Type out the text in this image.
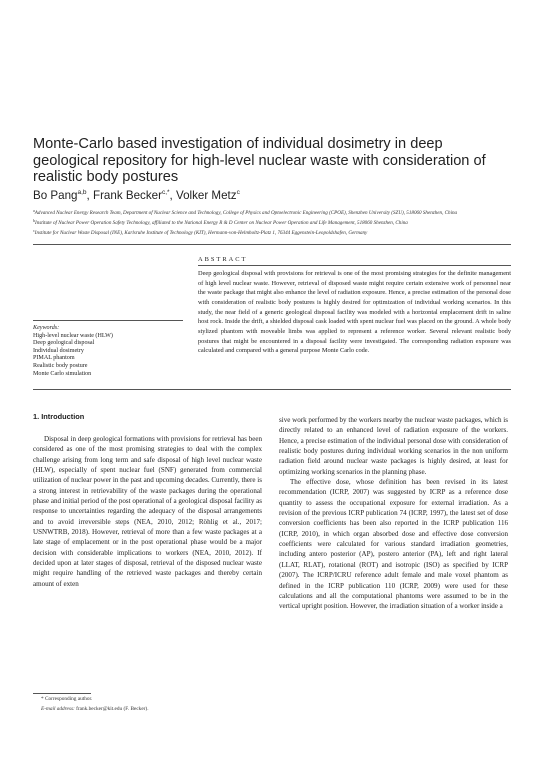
Monte-Carlo based investigation of individual dosimetry in deep geological repository for high-level nuclear waste with consideration of realistic body postures
Bo Pang$^{a,b}$, Frank Becker$^{c,*}$, Volker Metz$^c$
$^a$Advanced Nuclear Energy Research Team, Department of Nuclear Science and Technology, College of Physics and Optoelectronic Engineering (CPOE), Shenzhen University (SZU), 518060 Shenzhen, China
$^b$Institute of Nuclear Power Operation Safety Technology, affiliated to the National Energy R & D Center on Nuclear Power Operation and Life Management, 518060 Shenzhen, China
$^c$Institute for Nuclear Waste Disposal (INE), Karlsruhe Institute of Technology (KIT), Hermann-von-Helmholtz-Platz 1, 76344 Eggenstein-Leopoldshafen, Germany
ABSTRACT

Deep geological disposal with provisions for retrieval is one of the most promising strategies for the definite management of high level nuclear waste. However, retrieval of disposed waste might require certain extensive work of personnel near the waste package that might also enhance the level of radiation exposure. Hence, a precise estimation of the personal dose with consideration of realistic body postures is highly desired for optimization of individual working scenarios. In this study, the near field of a generic geological disposal facility was modeled with a horizontal emplacement drift in saline host rock. Inside the drift, a shielded disposal cask loaded with spent nuclear fuel was placed on the ground. A whole body stylized phantom with moveable limbs was applied to represent a reference worker. Several relevant realistic body postures that might be encountered in a disposal facility were investigated. The corresponding radiation exposure was calculated and compared with a general purpose Monte Carlo code.

Keywords:
High-level nuclear waste (HLW)
Deep geological disposal
Individual dosimetry
PIMAL phantom
Realistic body posture
Monte Carlo simulation
1. Introduction

Disposal in deep geological formations with provisions for retrieval has been considered as one of the most promising strategies to deal with the complex challenge arising from long term and safe disposal of high level nuclear waste (HLW), especially of spent nuclear fuel (SNF) generated from commercial utilization of nuclear power in the past and upcoming decades. Currently, there is a strong interest in retrievability of the waste packages during the operational phase and initial period of the post operational of a geological disposal facility as response to uncertainties regarding the adequacy of the disposal arrangements and to avoid irreversible steps (NEA, 2010, 2012; Röhlig et al., 2017; USNWTRB, 2018). However, retrieval of more than a few waste packages at a late stage of emplacement or in the post operational phase would be a major decision with considerable implications to workers (NEA, 2010, 2012). If decided upon at later stages of disposal, retrieval of the disposed nuclear waste might require handling of the retrieved waste packages and thereby certain amount of exten

sive work performed by the workers nearby the nuclear waste packages, which is directly related to an enhanced level of radiation exposure of the workers. Hence, a precise estimation of the individual personal dose with consideration of realistic body postures during individual working scenarios in the non uniform radiation field around nuclear waste packages is highly desired, at least for optimizing working scenarios in the planning phase.

The effective dose, whose definition has been revised in its latest recommendation (ICRP, 2007) was suggested by ICRP as a reference dose quantity to assess the occupational exposure for external irradiation. As a revision of the previous ICRP publication 74 (ICRP, 1997), the latest set of dose conversion coefficients has been also reported in the ICRP publication 116 (ICRP, 2010), in which organ absorbed dose and effective dose conversion coefficients were calculated for various standard irradiation geometries, including antero posterior (AP), postero anterior (PA), left and right lateral (LLAT, RLAT), rotational (ROT) and isotropic (ISO) as specified by ICRP (2007). The ICRP/ICRU reference adult female and male voxel phantom as defined in the ICRP publication 110 (ICRP, 2009) were used for these calculations and all the computational phantoms were assumed to be in the vertical upright position. However, the irradiation situation of a worker inside a

* Corresponding author.
E-mail address: frank.becker@kit.edu (F. Becker).
